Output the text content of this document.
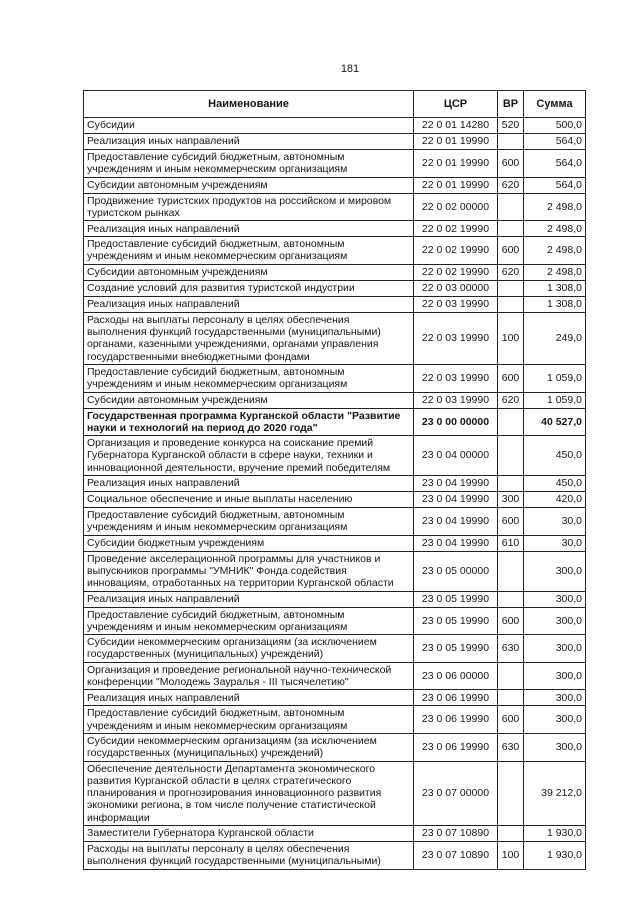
181
Наименование	ЦСР	ВР	Сумма
Субсидии	22 0 01 14280	520	500,0
Реализация иных направлений	22 0 01 19990		564,0
Предоставление субсидий бюджетным, автономным учреждениям и иным некоммерческим организациям	22 0 01 19990	600	564,0
Субсидии автономным учреждениям	22 0 01 19990	620	564,0
Продвижение туристских продуктов на российском и мировом туристском рынках	22 0 02 00000		2 498,0
Реализация иных направлений	22 0 02 19990		2 498,0
Предоставление субсидий бюджетным, автономным учреждениям и иным некоммерческим организациям	22 0 02 19990	600	2 498,0
Субсидии автономным учреждениям	22 0 02 19990	620	2 498,0
Создание условий для развития туристской индустрии	22 0 03 00000		1 308,0
Реализация иных направлений	22 0 03 19990		1 308,0
Расходы на выплаты персоналу в целях обеспечения выполнения функций государственными (муниципальными) органами, казенными учреждениями, органами управления государственными внебюджетными фондами	22 0 03 19990	100	249,0
Предоставление субсидий бюджетным, автономным учреждениям и иным некоммерческим организациям	22 0 03 19990	600	1 059,0
Субсидии автономным учреждениям	22 0 03 19990	620	1 059,0
Государственная программа Курганской области "Развитие науки и технологий на период до 2020 года"	23 0 00 00000		40 527,0
Организация и проведение конкурса на соискание премий Губернатора Курганской области в сфере науки, техники и инновационной деятельности, вручение премий победителям	23 0 04 00000		450,0
Реализация иных направлений	23 0 04 19990		450,0
Социальное обеспечение и иные выплаты населению	23 0 04 19990	300	420,0
Предоставление субсидий бюджетным, автономным учреждениям и иным некоммерческим организациям	23 0 04 19990	600	30,0
Субсидии бюджетным учреждениям	23 0 04 19990	610	30,0
Проведение акселерационной программы для участников и выпускников программы "УМНИК" Фонда содействия инновациям, отработанных на территории Курганской области	23 0 05 00000		300,0
Реализация иных направлений	23 0 05 19990		300,0
Предоставление субсидий бюджетным, автономным учреждениям и иным некоммерческим организациям	23 0 05 19990	600	300,0
Субсидии некоммерческим организациям (за исключением государственных (муниципальных) учреждений)	23 0 05 19990	630	300,0
Организация и проведение региональной научно-технической конференции "Молодежь Зауралья - III тысячелетию"	23 0 06 00000		300,0
Реализация иных направлений	23 0 06 19990		300,0
Предоставление субсидий бюджетным, автономным учреждениям и иным некоммерческим организациям	23 0 06 19990	600	300,0
Субсидии некоммерческим организациям (за исключением государственных (муниципальных) учреждений)	23 0 06 19990	630	300,0
Обеспечение деятельности Департамента экономического развития Курганской области в целях стратегического планирования и прогнозирования инновационного развития экономики региона, в том числе получение статистической информации	23 0 07 00000		39 212,0
Заместители Губернатора Курганской области	23 0 07 10890		1 930,0
Расходы на выплаты персоналу в целях обеспечения выполнения функций государственными (муниципальными)	23 0 07 10890	100	1 930,0
